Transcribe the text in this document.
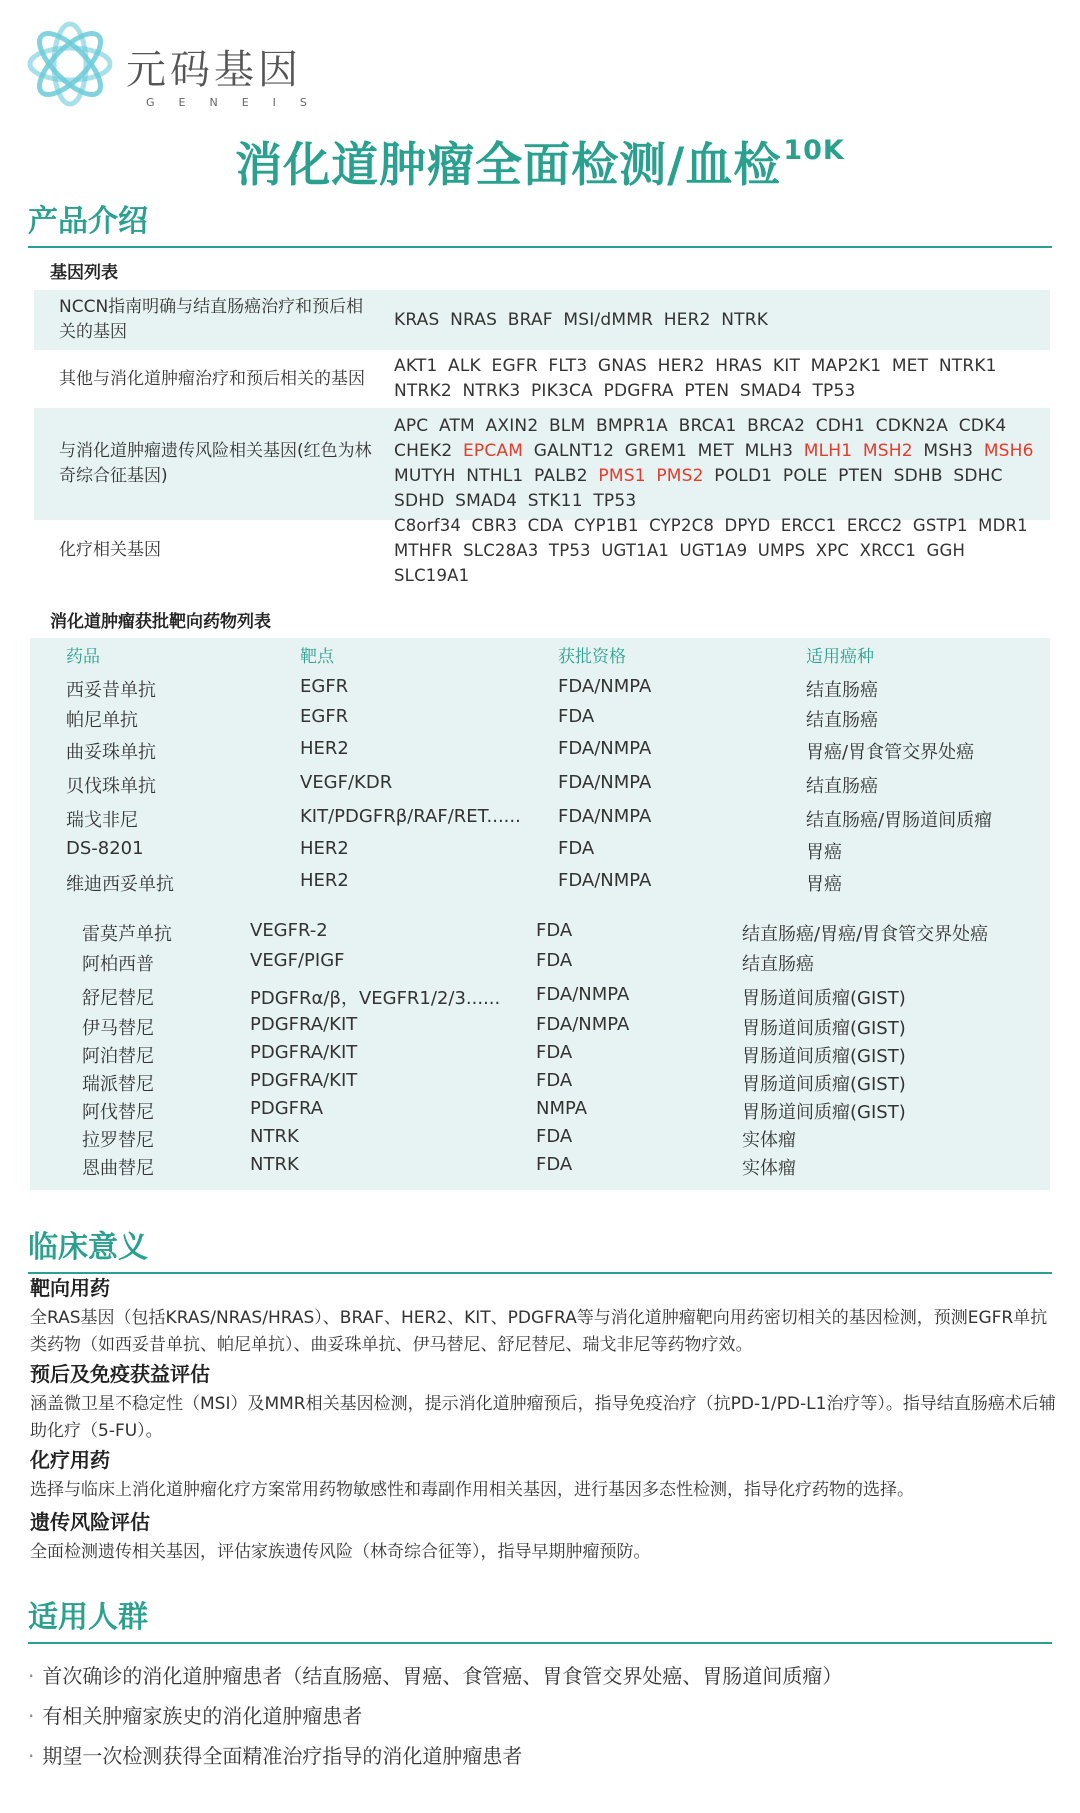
元码基因
GENEIS
消化道肿瘤全面检测/血检$^{10K}$
产品介绍
基因列表
NCCN指南明确与结直肠癌治疗和预后相关的基因
KRAS NRAS BRAF MSI/dMMR HER2 NTRK
其他与消化道肿瘤治疗和预后相关的基因
AKT1 ALK EGFR FLT3 GNAS HER2 HRAS KIT MAP2K1 MET NTRK1 NTRK2 NTRK3 PIK3CA PDGFRA PTEN SMAD4 TP53
与消化道肿瘤遗传风险相关基因(红色为林奇综合征基因)
APC ATM AXIN2 BLM BMPR1A BRCA1 BRCA2 CDH1 CDKN2A CDK4 CHEK2 EPCAM GALNT12 GREM1 MET MLH3 MLH1 MSH2 MSH3 MSH6 MUTYH NTHL1 PALB2 PMS1 PMS2 POLD1 POLE PTEN SDHB SDHC SDHD SMAD4 STK11 TP53
化疗相关基因
C8orf34 CBR3 CDA CYP1B1 CYP2C8 DPYD ERCC1 ERCC2 GSTP1 MDR1 MTHFR SLC28A3 TP53 UGT1A1 UGT1A9 UMPS XPC XRCC1 GGH SLC19A1
消化道肿瘤获批靶向药物列表
药品	靶点	获批资格	适用癌种
西妥昔单抗	EGFR	FDA/NMPA	结直肠癌
帕尼单抗	EGFR	FDA	结直肠癌
曲妥珠单抗	HER2	FDA/NMPA	胃癌/胃食管交界处癌
贝伐珠单抗	VEGF/KDR	FDA/NMPA	结直肠癌
瑞戈非尼	KIT/PDGFRβ/RAF/RET...... FDA/NMPA	结直肠癌/胃肠道间质瘤
DS-8201	HER2	FDA	胃癌
维迪西妥单抗	HER2	FDA/NMPA	胃癌
雷莫芦单抗	VEGFR-2	FDA	结直肠癌/胃癌/胃食管交界处癌
阿柏西普	VEGF/PIGF	FDA	结直肠癌
舒尼替尼	PDGFRα/β，VEGFR1/2/3...... FDA/NMPA	胃肠道间质瘤(GIST)
伊马替尼	PDGFRA/KIT	FDA/NMPA	胃肠道间质瘤(GIST)
阿泊替尼	PDGFRA/KIT	FDA	胃肠道间质瘤(GIST)
瑞派替尼	PDGFRA/KIT	FDA	胃肠道间质瘤(GIST)
阿伐替尼	PDGFRA	NMPA	胃肠道间质瘤(GIST)
拉罗替尼	NTRK	FDA	实体瘤
恩曲替尼	NTRK	FDA	实体瘤
临床意义
靶向用药
全RAS基因（包括KRAS/NRAS/HRAS）、BRAF、HER2、KIT、PDGFRA等与消化道肿瘤靶向用药密切相关的基因检测，预测EGFR单抗类药物（如西妥昔单抗、帕尼单抗）、曲妥珠单抗、伊马替尼、舒尼替尼、瑞戈非尼等药物疗效。
预后及免疫获益评估
涵盖微卫星不稳定性（MSI）及MMR相关基因检测，提示消化道肿瘤预后，指导免疫治疗（抗PD-1/PD-L1治疗等）。指导结直肠癌术后辅助化疗（5-FU）。
化疗用药
选择与临床上消化道肿瘤化疗方案常用药物敏感性和毒副作用相关基因，进行基因多态性检测，指导化疗药物的选择。
遗传风险评估
全面检测遗传相关基因，评估家族遗传风险（林奇综合征等），指导早期肿瘤预防。
适用人群
· 首次确诊的消化道肿瘤患者（结直肠癌、胃癌、食管癌、胃食管交界处癌、胃肠道间质瘤）
· 有相关肿瘤家族史的消化道肿瘤患者
· 期望一次检测获得全面精准治疗指导的消化道肿瘤患者
